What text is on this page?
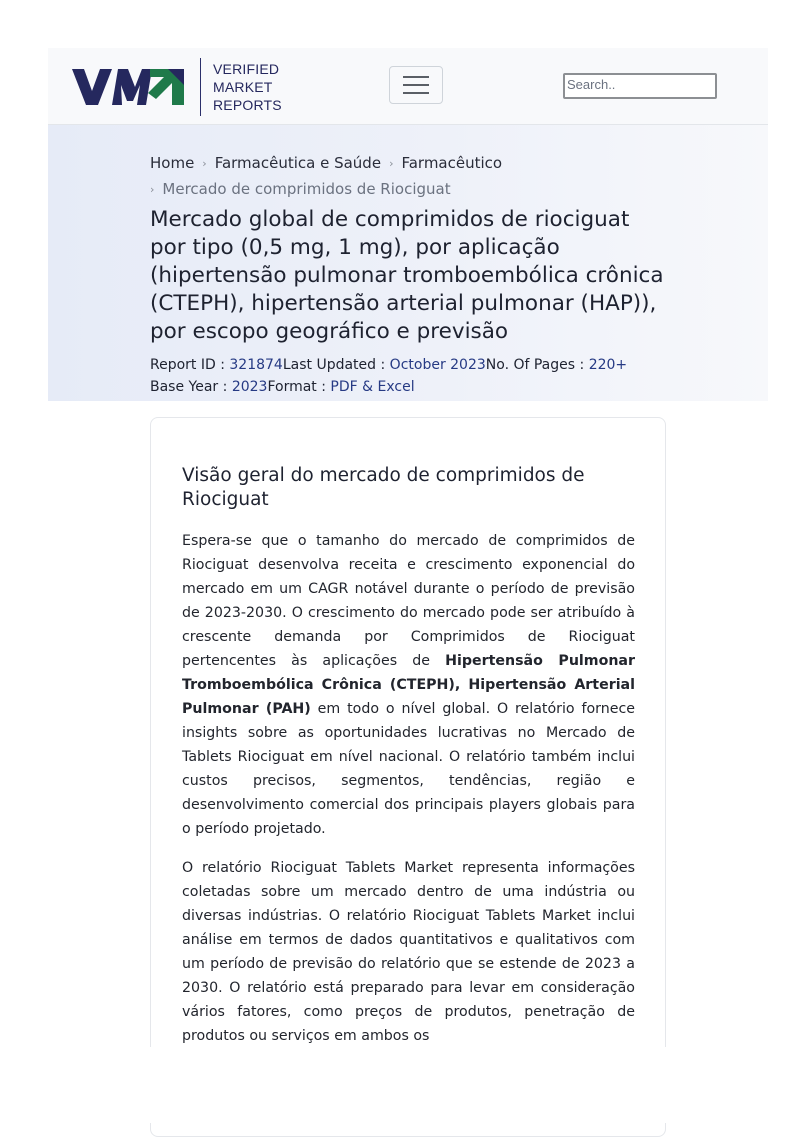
VERIFIED
MARKET
REPORTS
Search..
Home › Farmacêutica e Saúde › Farmacêutico
› Mercado de comprimidos de Riociguat
Mercado global de comprimidos de riociguat por tipo (0,5 mg, 1 mg), por aplicação (hipertensão pulmonar tromboembólica crônica (CTEPH), hipertensão arterial pulmonar (HAP)), por escopo geográfico e previsão
Report ID : 321874Last Updated : October 2023No. Of Pages : 220+
Base Year : 2023Format : PDF & Excel
Visão geral do mercado de comprimidos de Riociguat

Espera-se que o tamanho do mercado de comprimidos de Riociguat desenvolva receita e crescimento exponencial do mercado em um CAGR notável durante o período de previsão de 2023-2030. O crescimento do mercado pode ser atribuído à crescente demanda por Comprimidos de Riociguat pertencentes às aplicações de Hipertensão Pulmonar Tromboembólica Crônica (CTEPH), Hipertensão Arterial Pulmonar (PAH) em todo o nível global. O relatório fornece insights sobre as oportunidades lucrativas no Mercado de Tablets Riociguat em nível nacional. O relatório também inclui custos precisos, segmentos, tendências, região e desenvolvimento comercial dos principais players globais para o período projetado.

O relatório Riociguat Tablets Market representa informações coletadas sobre um mercado dentro de uma indústria ou diversas indústrias. O relatório Riociguat Tablets Market inclui análise em termos de dados quantitativos e qualitativos com um período de previsão do relatório que se estende de 2023 a 2030. O relatório está preparado para levar em consideração vários fatores, como preços de produtos, penetração de produtos ou serviços em ambos os
